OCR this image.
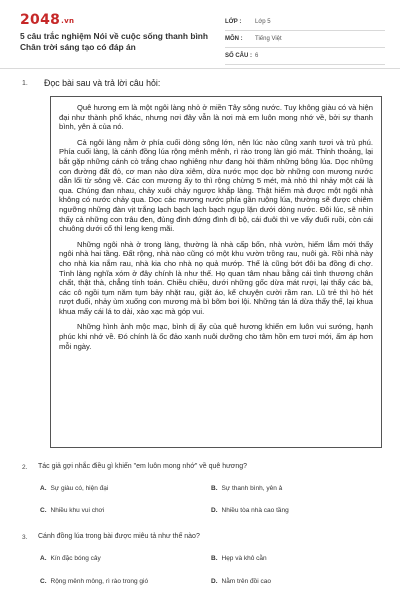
2048.vn
5 câu trắc nghiệm Nói về cuộc sống thanh bình Chân trời sáng tạo có đáp án
LỚP :	Lớp 5
MÔN :	Tiếng Việt
SỐ CÂU : 6
1. Đọc bài sau và trả lời câu hỏi:

Quê hương em là một ngôi làng nhỏ ở miền Tây sông nước. Tuy không giàu có và hiện đại như thành phố khác, nhưng nơi đây vẫn là nơi mà em luôn mong nhớ về, bởi sự thanh bình, yên ả của nó.

Cả ngôi làng nằm ở phía cuối dòng sông lớn, nên lúc nào cũng xanh tươi và trù phú. Phía cuối làng, là cánh đồng lúa rộng mênh mênh, rì rào trong làn gió mát. Thỉnh thoảng, lại bắt gặp những cánh cò trắng chao nghiêng như đang hòi thăm những bông lúa. Dọc những con đường đất đỏ, cơ man nào dừa xiêm, dừa nước mọc dọc bờ những con mương nước dẫn lối từ sông về. Các con mương ấy to thì rộng chừng 5 mét, mà nhỏ thì nhảy một cái là qua. Chúng đan nhau, chảy xuôi chảy ngược khắp làng. Thật hiếm mà được một ngôi nhà không có nước chảy qua. Dọc các mương nước phía gần ruộng lúa, thường sẽ được chiêm ngưỡng những đàn vịt trắng lạch bạch lạch bạch ngụp lặn dưới dòng nước. Đôi lúc, sẽ nhìn thấy cả những con trâu đen, đủng đỉnh đứng đình đì bộ, cái đuôi thì ve vẩy đuổi ruồi, còn cái chuông dưới cổ thì leng keng mãi.

Những ngôi nhà ở trong làng, thường là nhà cấp bốn, nhà vườn, hiếm lắm mới thấy ngôi nhà hai tầng. Đất rộng, nhà nào cũng có một khu vườn trồng rau, nuôi gà. Rồi nhà này cho nhà kia nắm rau, nhà kia cho nhà nọ quả mướp. Thế là cũng bớt đôi ba đồng đi chợ. Tình làng nghĩa xóm ở đây chính là như thế. Họ quan tâm nhau bằng cái tình thương chân chất, thật thà, chẳng tính toán. Chiều chiều, dưới những gốc dừa mát rượi, lại thấy các bà, các cô ngồi tụm năm tụm bảy nhặt rau, giặt áo, kể chuyện cười rầm ran. Lũ trẻ thì hò hét rượt đuổi, nhảy ùm xuống con mương mà bì bõm bơi lội. Những tán lá dừa thấy thế, lại khua khua mấy cái lá to dài, xào xạc mà góp vui.

Những hình ảnh mộc mạc, bình dị ấy của quê hương khiến em luôn vui sướng, hạnh phúc khi nhớ về. Đó chính là ốc đảo xanh nuôi dưỡng cho tâm hồn em tươi mới, ấm áp hơn mỗi ngày.

2. Tác giả gợi nhắc điều gì khiến "em luôn mong nhớ" về quê hương?
A. Sự giàu có, hiện đại	B. Sự thanh bình, yên ả
C. Nhiều khu vui chơi	D. Nhiều tòa nhà cao tầng
3. Cánh đồng lúa trong bài được miêu tả như thế nào?
A. Kín đặc bóng cây	B. Hẹp và khô cằn
C. Rộng mênh mông, rì rào trong gió	D. Nằm trên đồi cao
